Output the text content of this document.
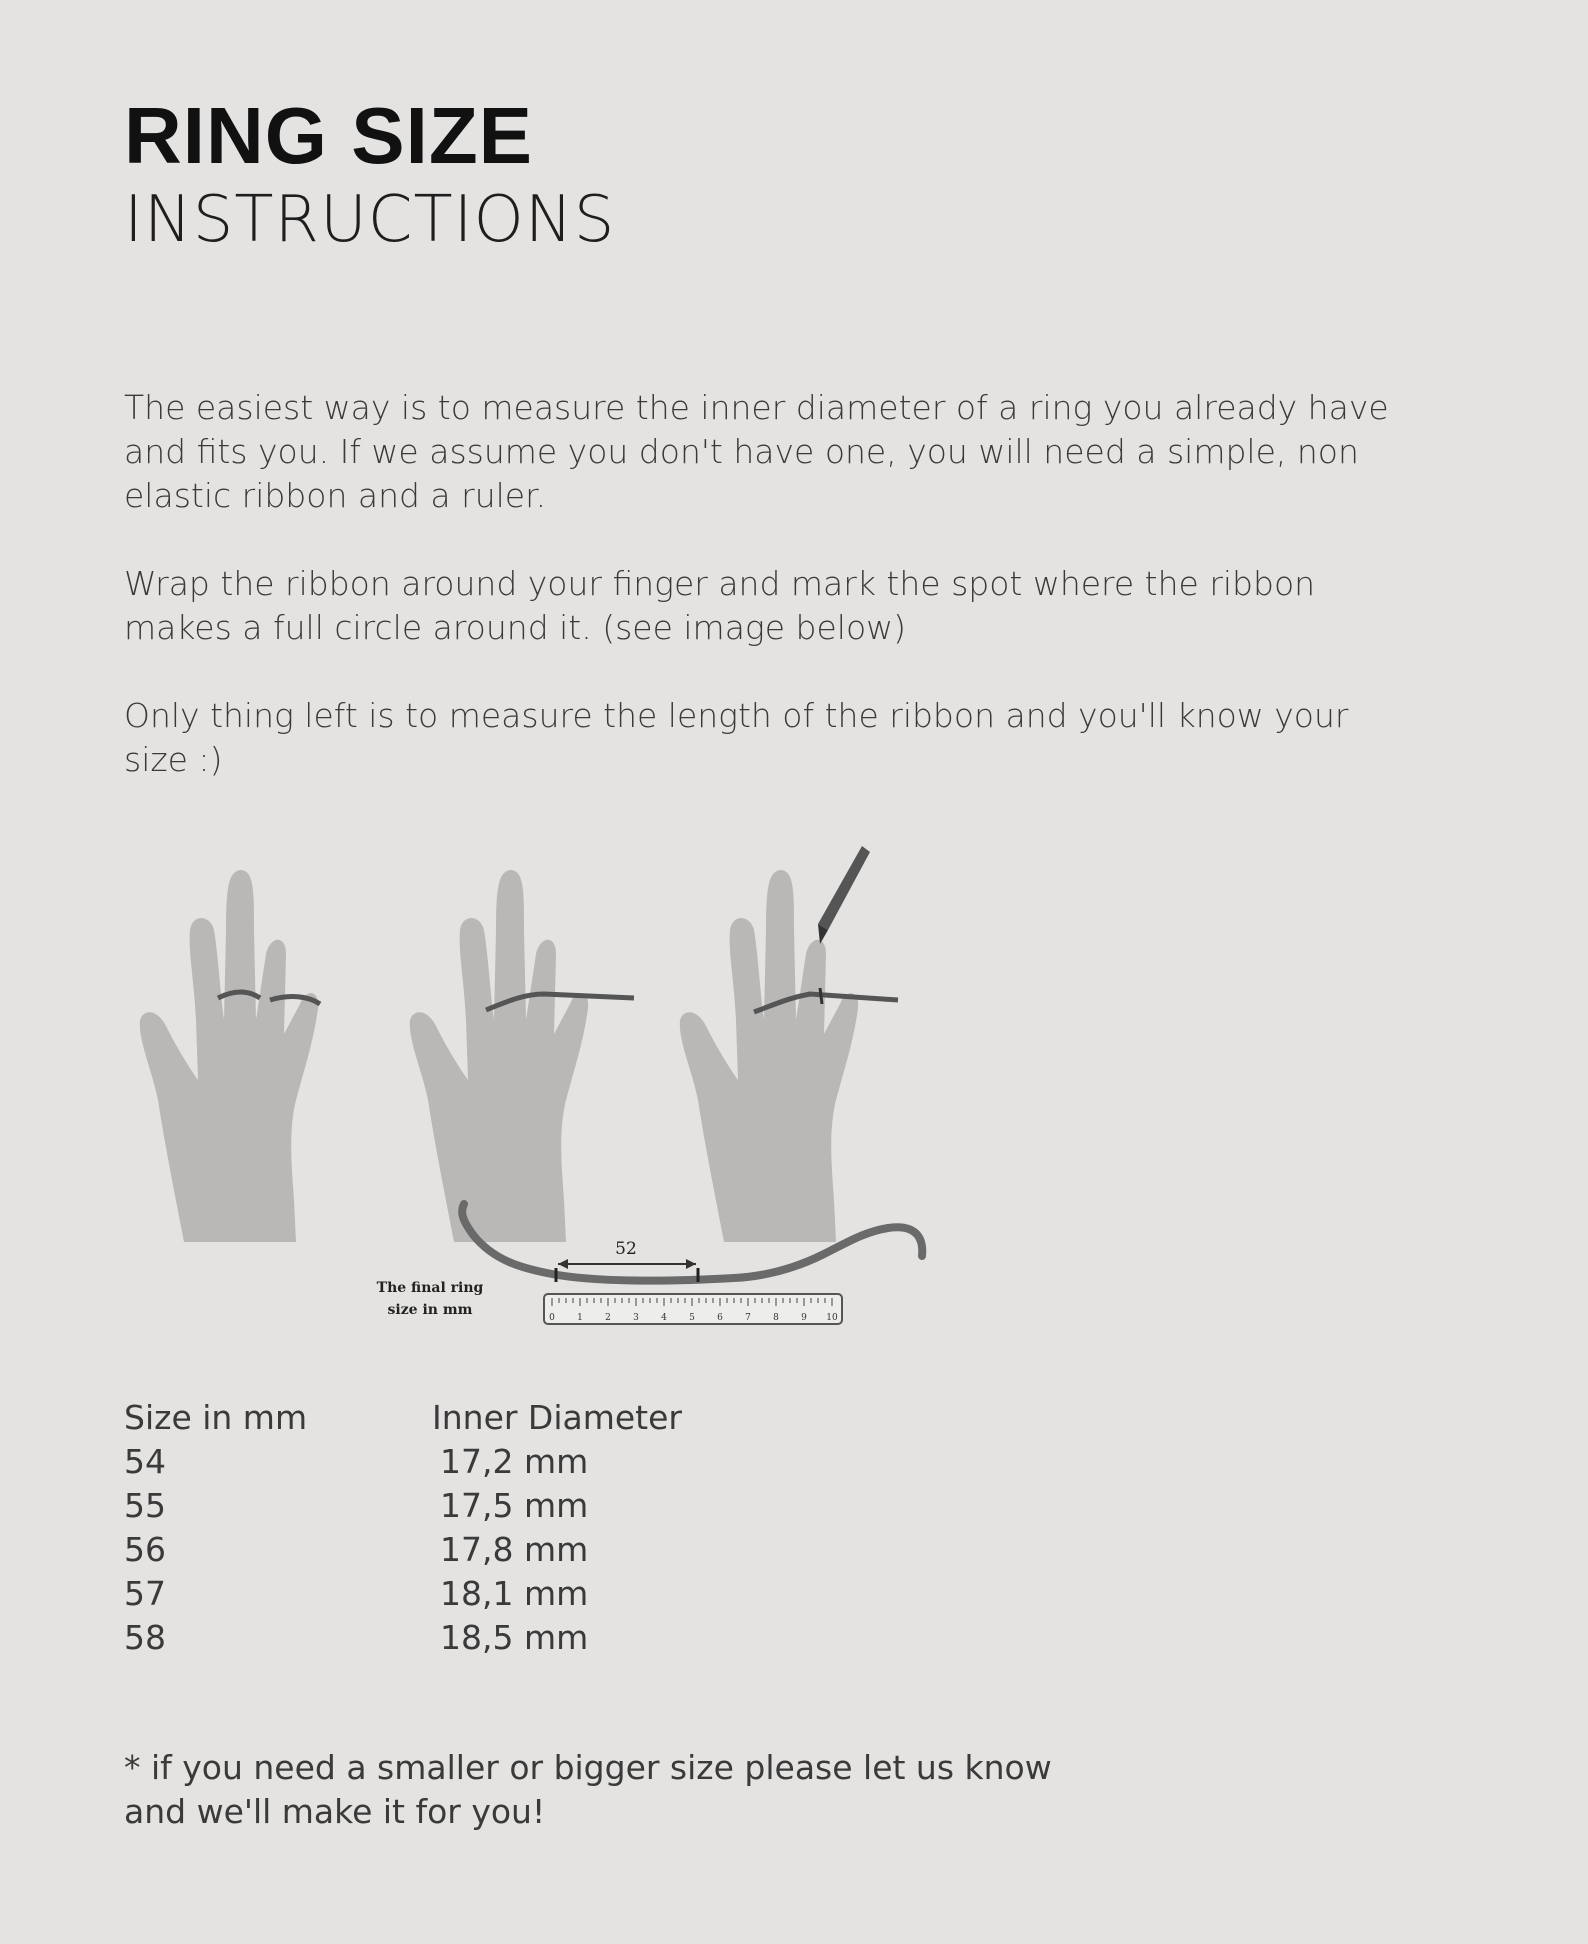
RING SIZE
INSTRUCTIONS

The easiest way is to measure the inner diameter of a ring you already have
and fits you. If we assume you don't have one, you will need a simple, non
elastic ribbon and a ruler.

Wrap the ribbon around your finger and mark the spot where the ribbon
makes a full circle around it. (see image below)

Only thing left is to measure the length of the ribbon and you'll know your
size :)

52
The final ring
size in mm	0 1 2 3 4 5 6 7 8 9 10
Size in mm	Inner Diameter
54	17,2 mm
55	17,5 mm
56	17,8 mm
57	18,1 mm
58	18,5 mm

* if you need a smaller or bigger size please let us know
and we'll make it for you!
